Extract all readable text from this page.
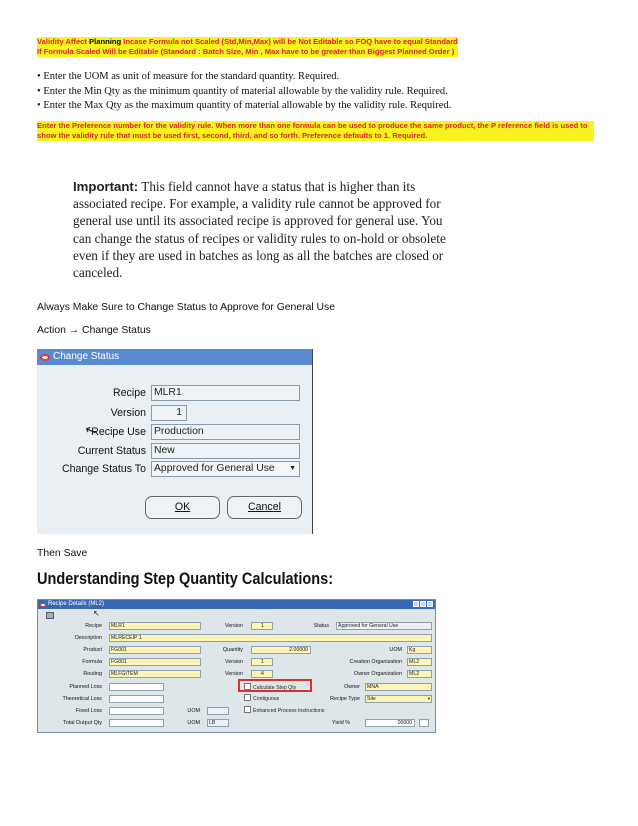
Validity Affect Planning Incase Formula not Scaled (Std,Min,Max) will be Not Editable so FOQ have to equal Standard
If Formula Scaled Will be Editable (Standard : Batch Size, Min , Max have to be greater than Biggest Planned Order )
• Enter the UOM as unit of measure for the standard quantity. Required.
• Enter the Min Qty as the minimum quantity of material allowable by the validity rule. Required.
• Enter the Max Qty as the maximum quantity of material allowable by the validity rule. Required.
Enter the Preference number for the validity rule. When more than one formula can be used to produce the same product, the P reference field is used to show the validity rule that must be used first, second, third, and so forth. Preference defaults to 1. Required.
Important: This field cannot have a status that is higher than its associated recipe. For example, a validity rule cannot be approved for general use until its associated recipe is approved for general use. You can change the status of recipes or validity rules to on-hold or obsolete even if they are used in batches as long as all the batches are closed or canceled.
Always Make Sure to Change Status to Approve for General Use
Action → Change Status
Change Status
Recipe MLR1
Version	1
Recipe Use Production
Current Status New
Change Status To Approved for General Use ▼
OK	Cancel
↖
Then Save
Understanding Step Quantity Calculations:
Recipe Details (ML2)
↖
Recipe	MLR1	Version	1	Status	Approved for General Use
Description	MLRECEIP 1
Product	FG001	Quantity	2.00000	UOM	Kg
Formula	FG001	Version	1	Creation Organization	ML2
Routing	MLFGITEM	Version	4	Owner Organization	ML2
Planned Loss	Calculate Step Qty	Owner	MNA
Theoretical Loss	Contiguous	Recipe Type	Site	▼
Fixed Loss	UOM	Enhanced Process Instructions
Total Output Qty	UOM	LB	Yield %	.00000
